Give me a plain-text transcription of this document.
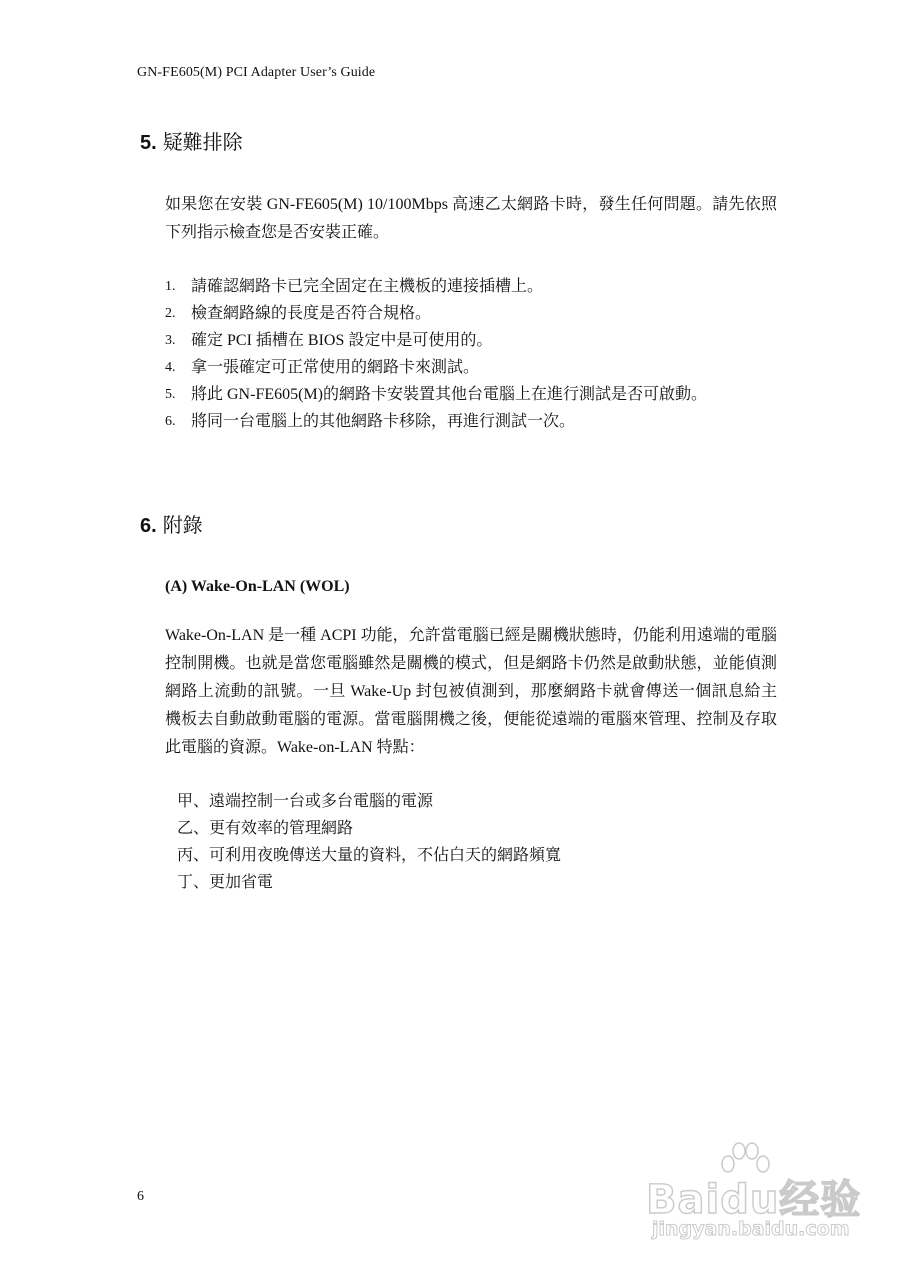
GN-FE605(M) PCI Adapter User’s Guide
5. 疑難排除
如果您在安裝 GN-FE605(M) 10/100Mbps 高速乙太網路卡時，發生任何問題。請先依照下列指示檢查您是否安裝正確。
1. 請確認網路卡已完全固定在主機板的連接插槽上。
2. 檢查網路線的長度是否符合規格。
3. 確定 PCI 插槽在 BIOS 設定中是可使用的。
4. 拿一張確定可正常使用的網路卡來測試。
5. 將此 GN-FE605(M)的網路卡安裝置其他台電腦上在進行測試是否可啟動。
6. 將同一台電腦上的其他網路卡移除，再進行測試一次。
6. 附錄
(A) Wake-On-LAN (WOL)
Wake-On-LAN 是一種 ACPI 功能，允許當電腦已經是關機狀態時，仍能利用遠端的電腦控制開機。也就是當您電腦雖然是關機的模式，但是網路卡仍然是啟動狀態，並能偵測網路上流動的訊號。一旦 Wake-Up 封包被偵測到，那麼網路卡就會傳送一個訊息給主機板去自動啟動電腦的電源。當電腦開機之後，便能從遠端的電腦來管理、控制及存取此電腦的資源。Wake-on-LAN 特點：
甲、遠端控制一台或多台電腦的電源
乙、更有效率的管理網路
丙、可利用夜晚傳送大量的資料，不佔白天的網路頻寬
丁、更加省電
6	Baidu经验
jingyan.baidu.com
